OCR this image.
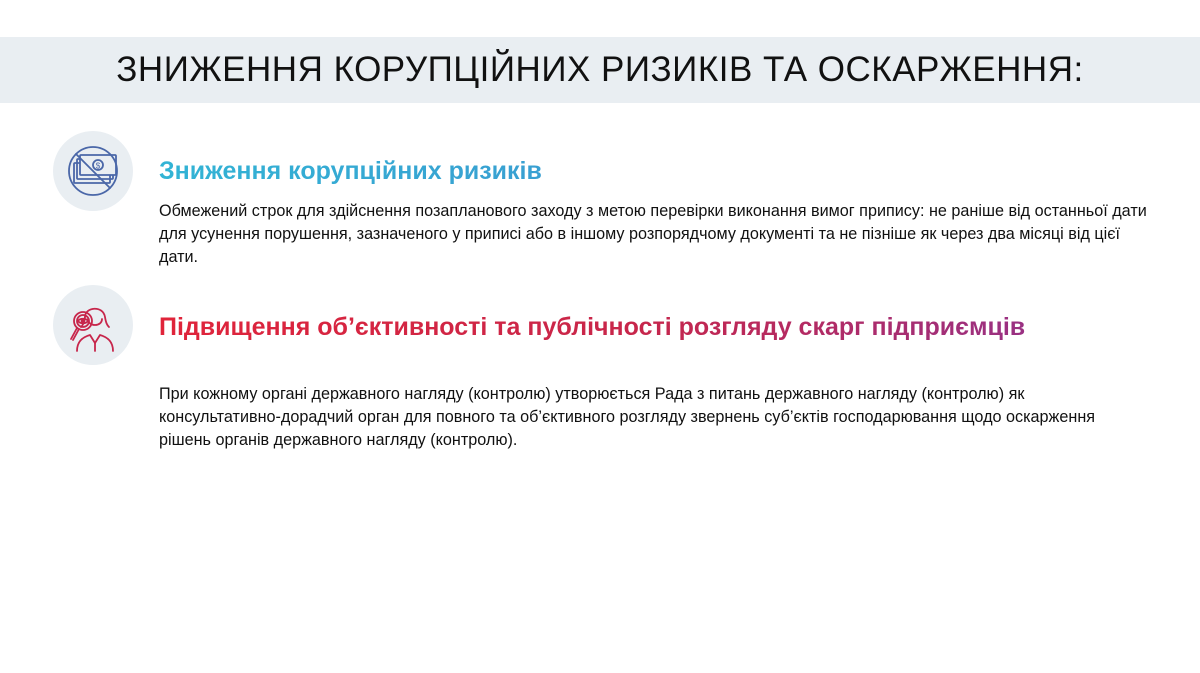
ЗНИЖЕННЯ КОРУПЦІЙНИХ РИЗИКІВ ТА ОСКАРЖЕННЯ:
$ Зниження корупційних ризиків

Обмежений строк для здійснення позапланового заходу з метою перевірки виконання вимог припису: не раніше від останньої дати для усунення порушення, зазначеного у приписі або в іншому розпорядчому документі та не пізніше як через два місяці від цієї дати.

Підвищення об’єктивності та публічності розгляду скарг підприємців

При кожному органі державного нагляду (контролю) утворюється Рада з питань державного нагляду (контролю) як консультативно-дорадчий орган для повного та об’єктивного розгляду звернень суб’єктів господарювання щодо оскарження рішень органів державного нагляду (контролю).
